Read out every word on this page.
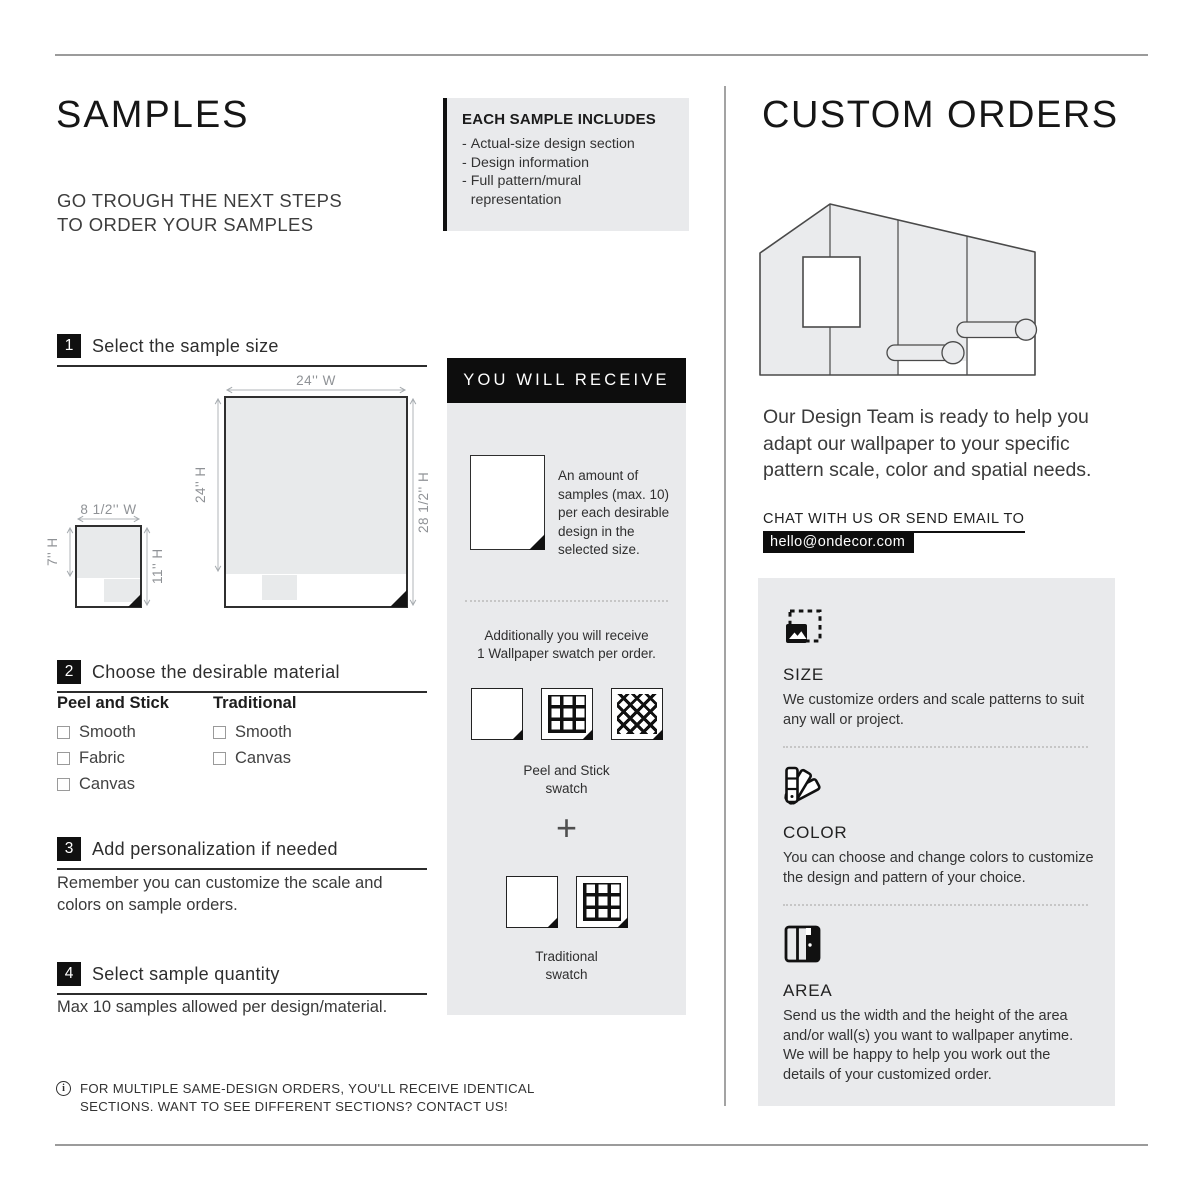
SAMPLES
GO TROUGH THE NEXT STEPS
TO ORDER YOUR SAMPLES
1	Select the sample size
24'' W
24'' H	28 1/2'' H
8 1/2'' W
7'' H	11'' H
2	Choose the desirable material
Peel and Stick
Smooth
Fabric
Canvas
Traditional
Smooth
Canvas
3	Add personalization if needed
Remember you can customize the scale and colors on sample orders.
4	Select sample quantity
Max 10 samples allowed per design/material.
i	FOR MULTIPLE SAME-DESIGN ORDERS, YOU'LL RECEIVE IDENTICAL
SECTIONS. WANT TO SEE DIFFERENT SECTIONS? CONTACT US!
EACH SAMPLE INCLUDES
- Actual-size design section
- Design information
- Full pattern/mural representation
YOU WILL RECEIVE
An amount of samples (max. 10) per each desirable design in the selected size.
Additionally you will receive
1 Wallpaper swatch per order.
Peel and Stick
swatch
+
Traditional
swatch
CUSTOM ORDERS
Our Design Team is ready to help you adapt our wallpaper to your specific pattern scale, color and spatial needs.
CHAT WITH US OR SEND EMAIL TO
hello@ondecor.com
SIZE
We customize orders and scale patterns to suit any wall or project.
COLOR
You can choose and change colors to customize the design and pattern of your choice.
AREA
Send us the width and the height of the area and/or wall(s) you want to wallpaper anytime. We will be happy to help you work out the details of your customized order.
